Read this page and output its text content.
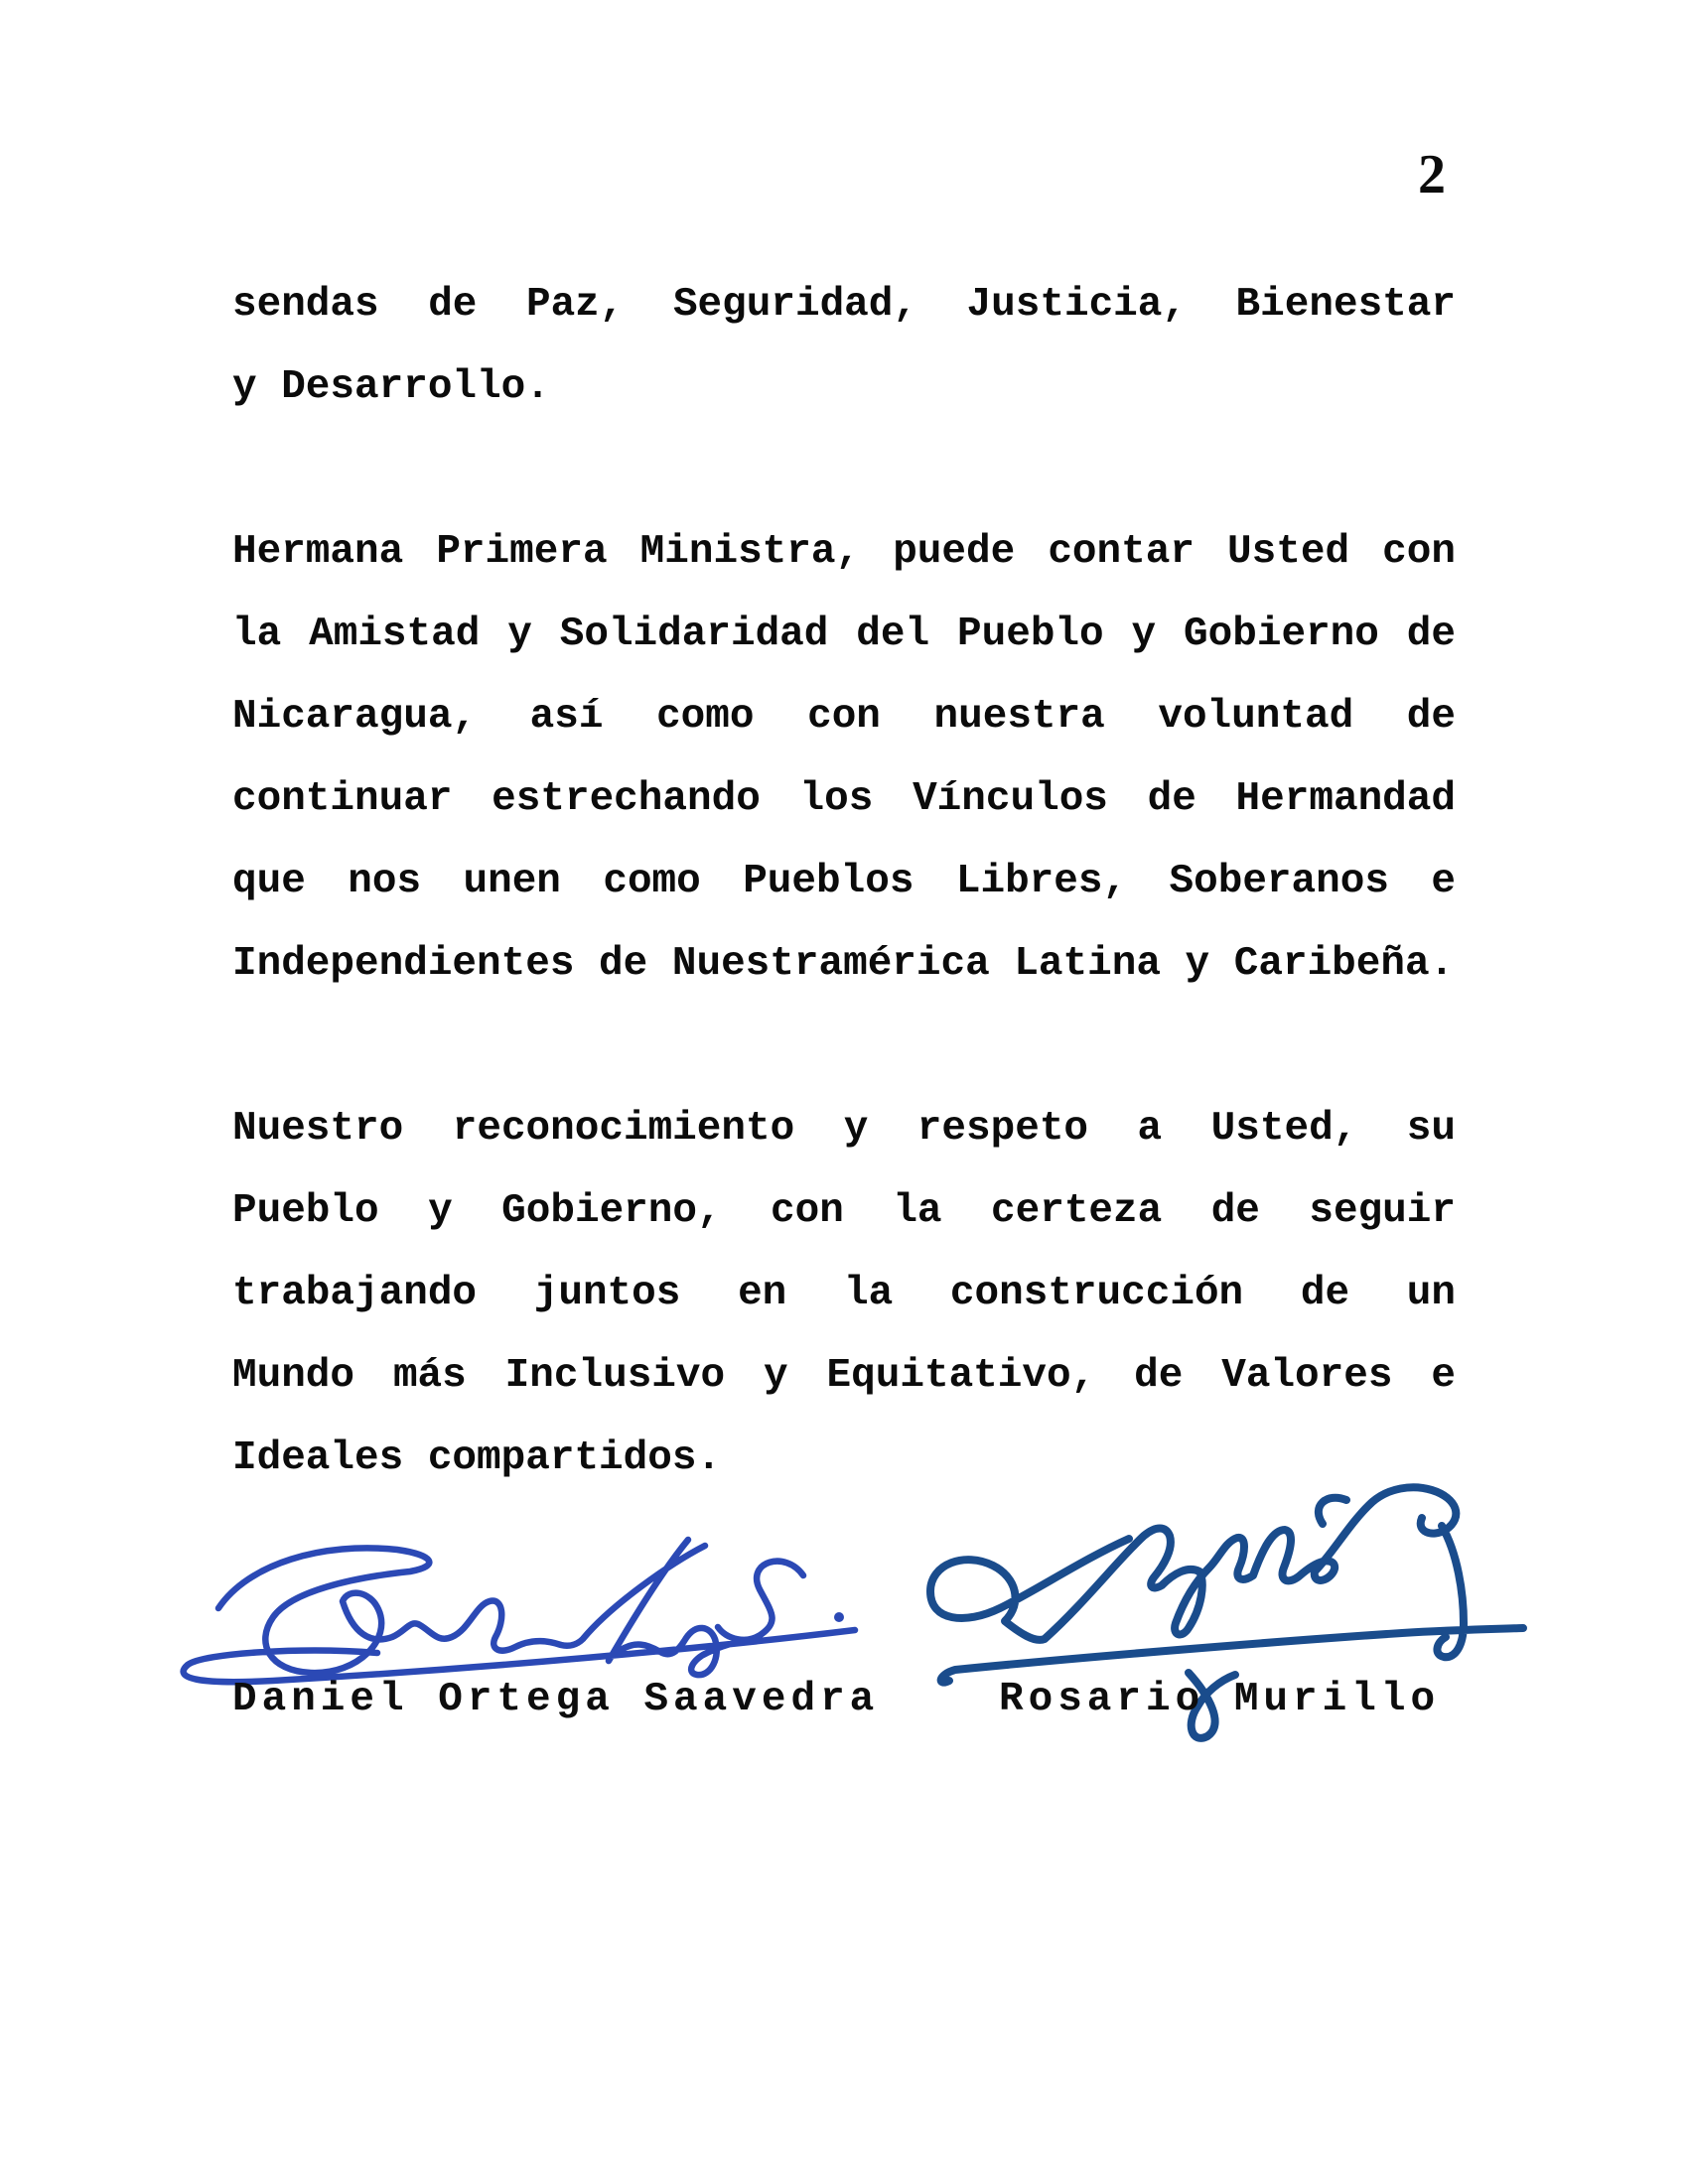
2
sendas de Paz, Seguridad, Justicia, Bienestar
y Desarrollo.
Hermana Primera Ministra, puede contar Usted con
la Amistad y Solidaridad del Pueblo y Gobierno de
Nicaragua, así como con nuestra voluntad de
continuar estrechando los Vínculos de Hermandad
que nos unen como Pueblos Libres, Soberanos e
Independientes de Nuestramérica Latina y Caribeña.
Nuestro reconocimiento y respeto a Usted, su
Pueblo y Gobierno, con la certeza de seguir
trabajando juntos en la construcción de un
Mundo más Inclusivo y Equitativo, de Valores e
Ideales compartidos.
Daniel Ortega Saavedra	Rosario Murillo
